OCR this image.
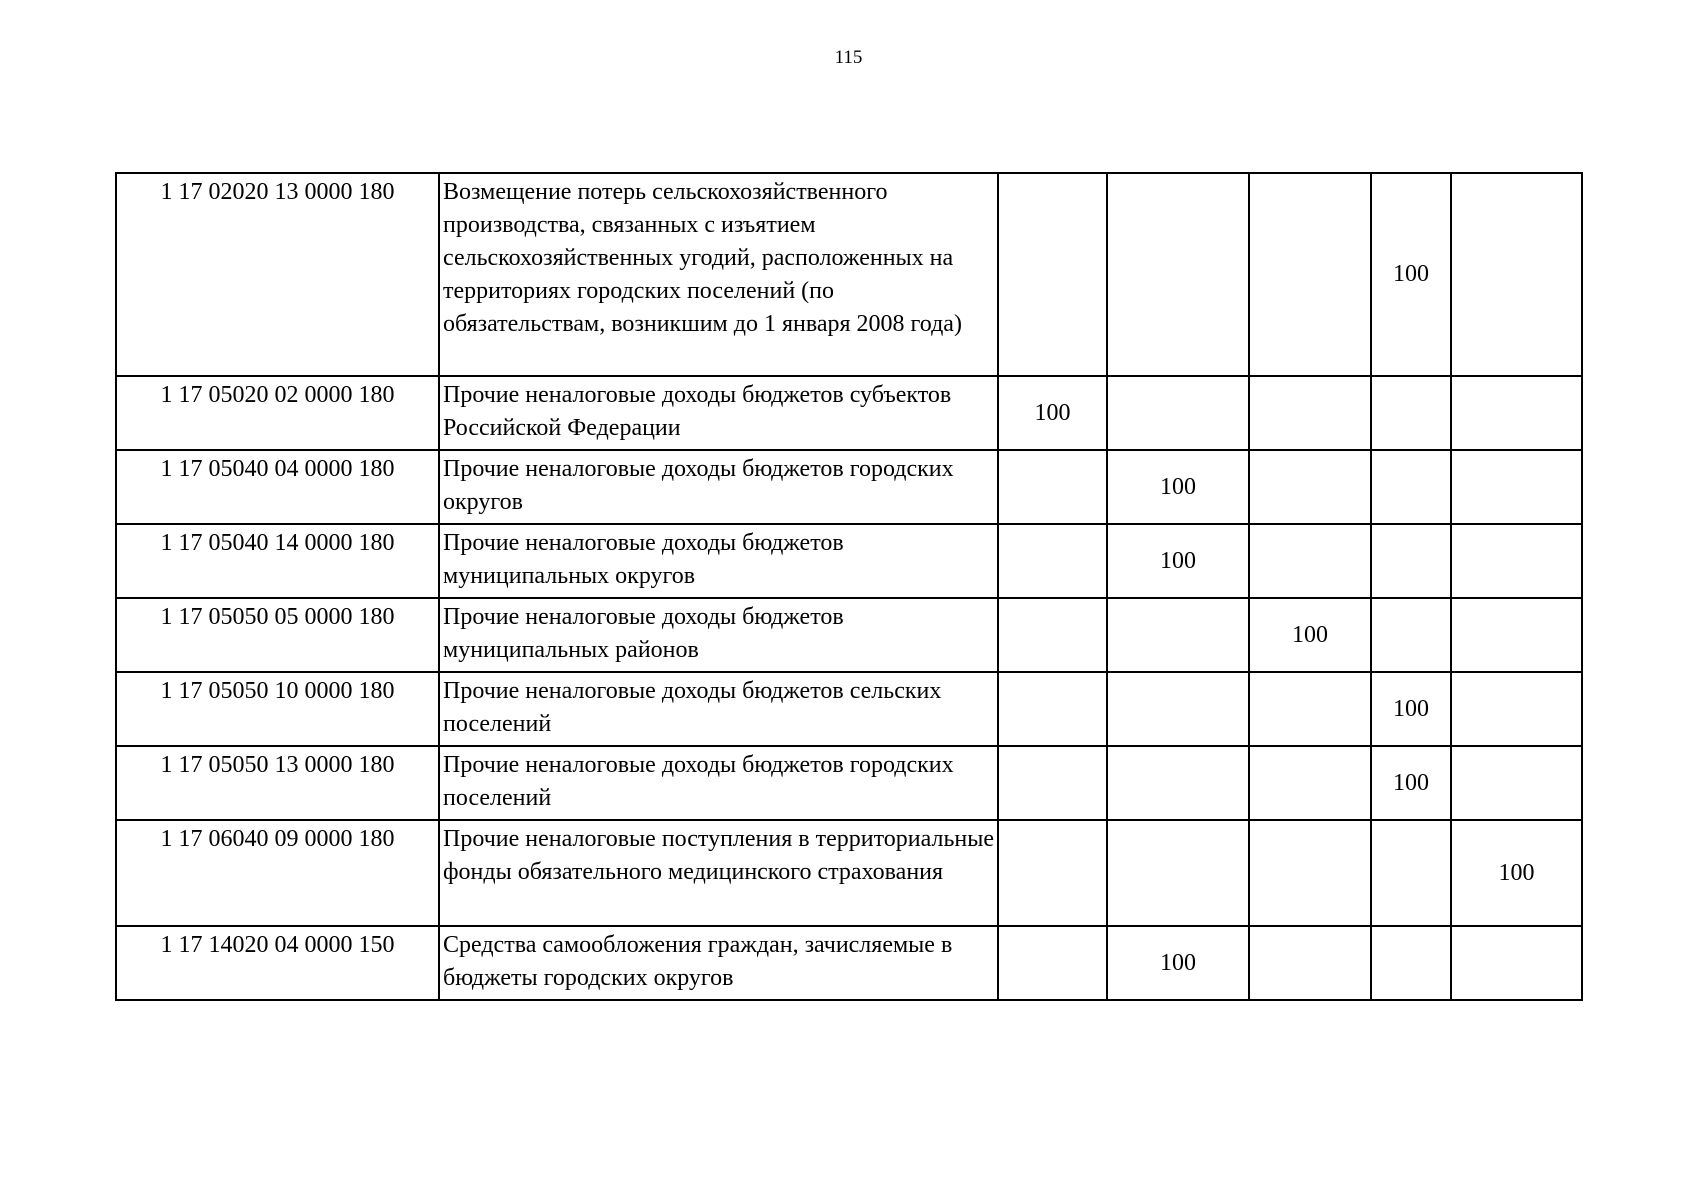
115
1 17 02020 13 0000 180	Возмещение потерь сельскохозяйственного производства, связанных с изъятием сельскохозяйственных угодий, расположенных на территориях городских поселений (по обязательствам, возникшим до 1 января 2008 года)				100	
1 17 05020 02 0000 180	Прочие неналоговые доходы бюджетов субъектов Российской Федерации	100				
1 17 05040 04 0000 180	Прочие неналоговые доходы бюджетов городских округов		100			
1 17 05040 14 0000 180	Прочие неналоговые доходы бюджетов муниципальных округов		100			
1 17 05050 05 0000 180	Прочие неналоговые доходы бюджетов муниципальных районов			100		
1 17 05050 10 0000 180	Прочие неналоговые доходы бюджетов сельских поселений				100	
1 17 05050 13 0000 180	Прочие неналоговые доходы бюджетов городских поселений				100	
1 17 06040 09 0000 180	Прочие неналоговые поступления в территориальные фонды обязательного медицинского страхования					100
1 17 14020 04 0000 150	Средства самообложения граждан, зачисляемые в бюджеты городских округов		100			
